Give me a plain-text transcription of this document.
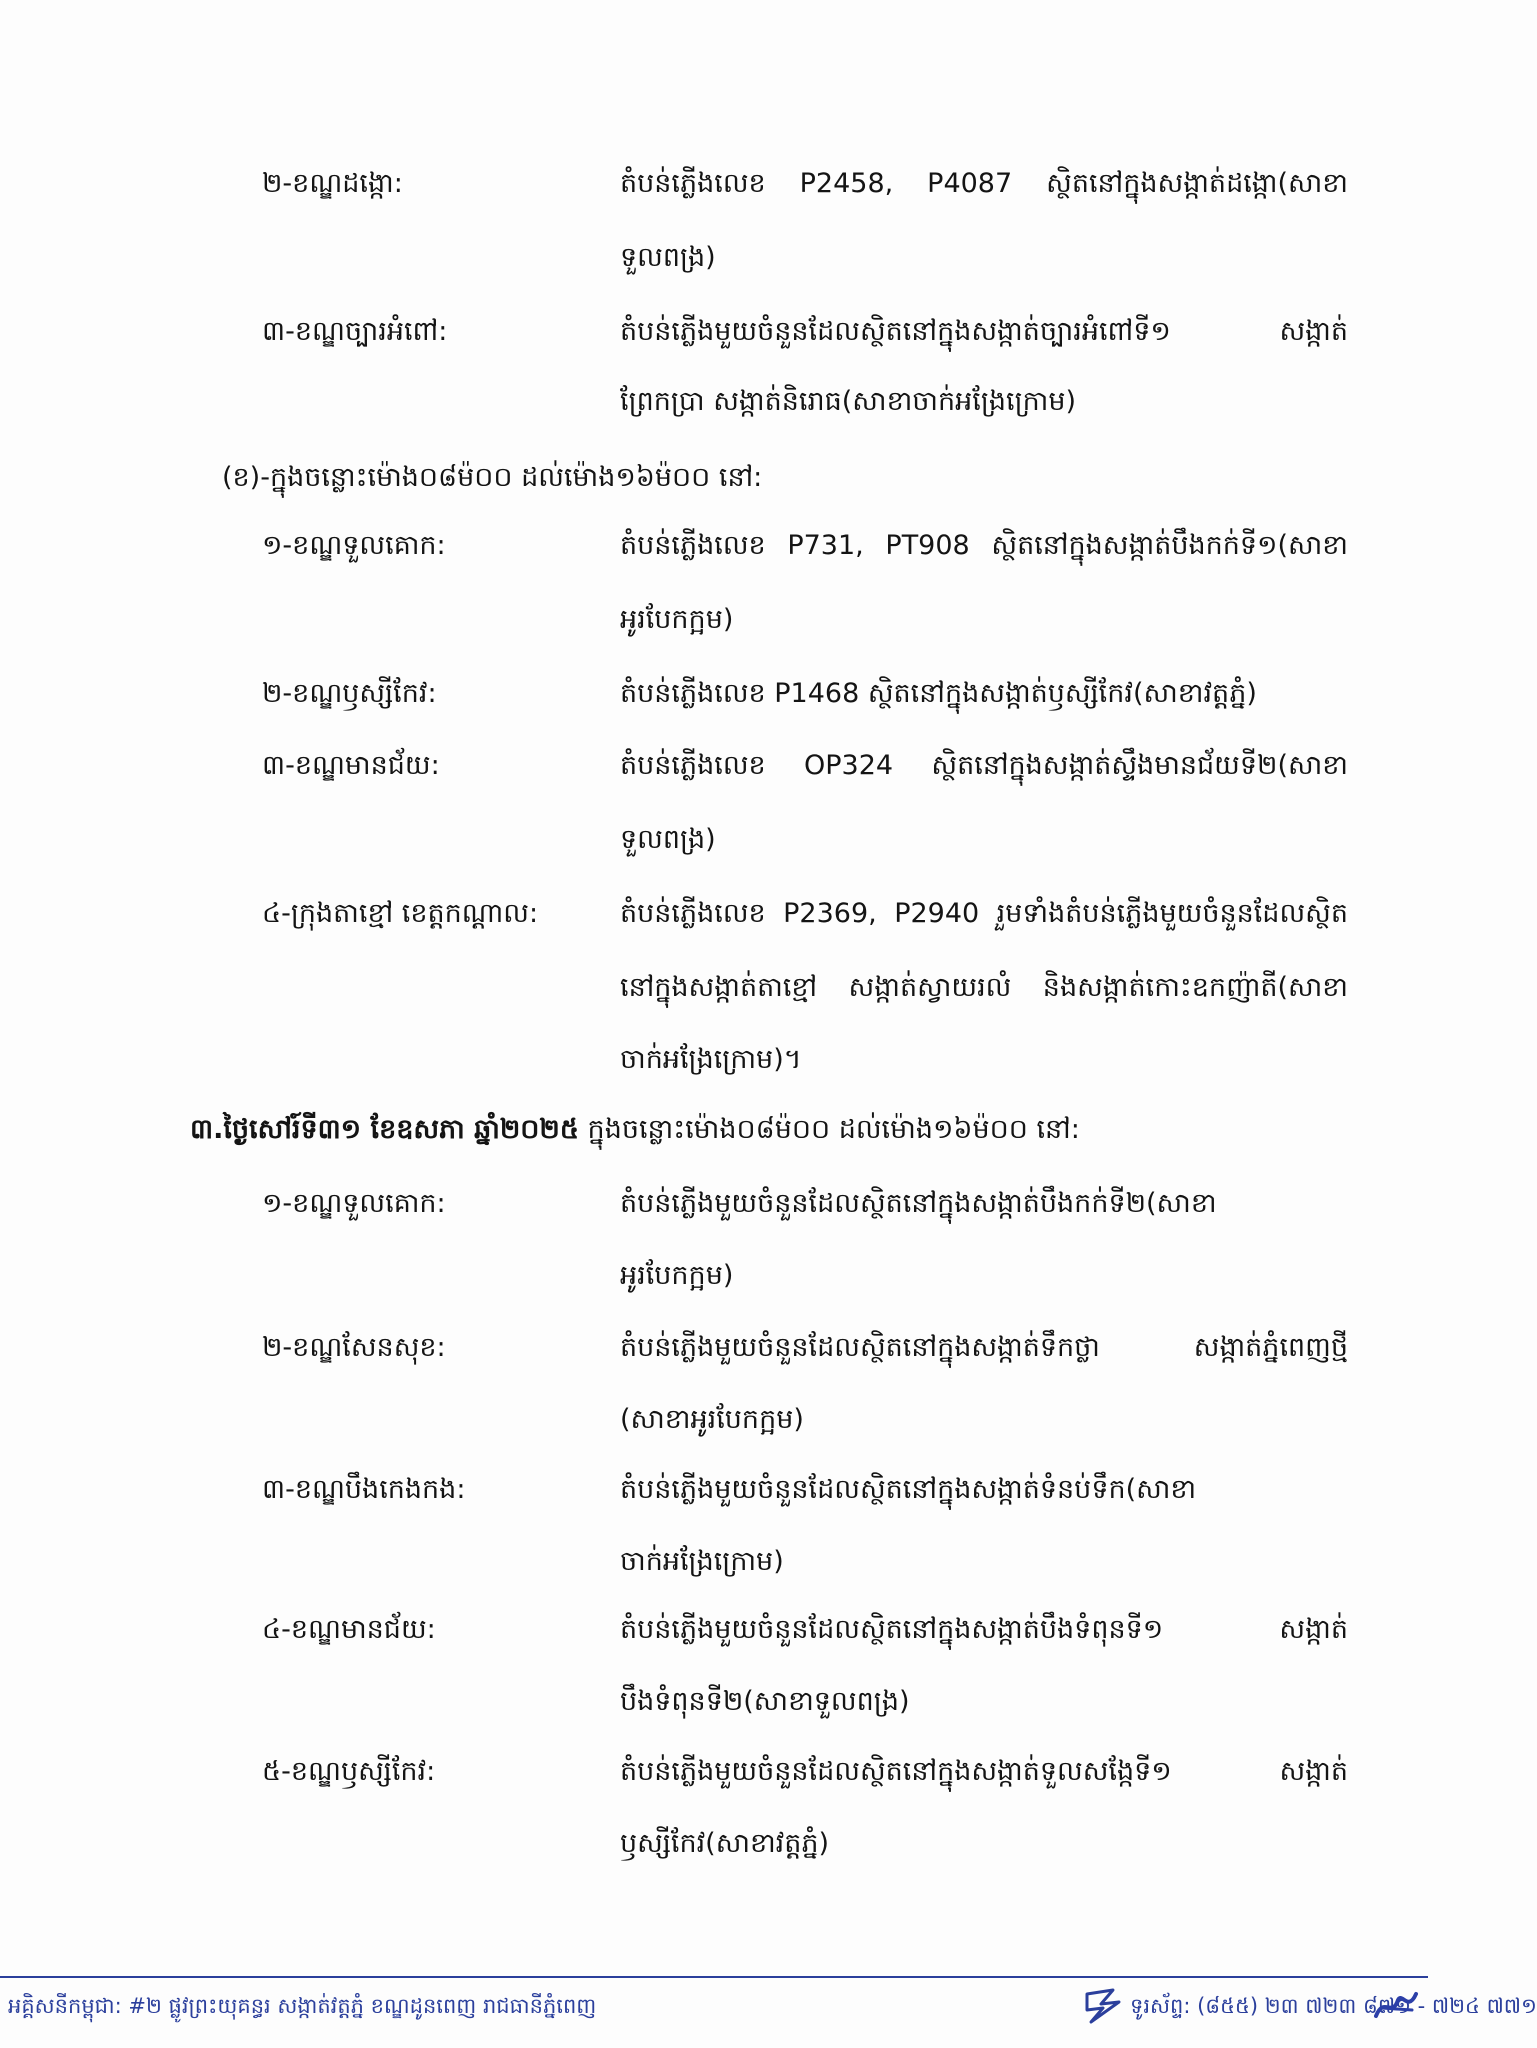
២-ខណ្ឌដង្កោ:	តំបន់ភ្លើងលេខ P2458, P4087 ស្ថិតនៅក្នុងសង្កាត់ដង្កោ(សាខា
ទួលពង្រ)
៣-ខណ្ឌច្បារអំពៅ:	តំបន់ភ្លើងមួយចំនួនដែលស្ថិតនៅក្នុងសង្កាត់ច្បារអំពៅទី១ សង្កាត់
ព្រែកប្រា សង្កាត់និរោធ(សាខាចាក់អង្រែក្រោម)
(ខ)-ក្នុងចន្លោះម៉ោង០៨ម៉០០ ដល់ម៉ោង១៦ម៉០០ នៅ:
១-ខណ្ឌទួលគោក:	តំបន់ភ្លើងលេខ P731, PT908 ស្ថិតនៅក្នុងសង្កាត់បឹងកក់ទី១(សាខា
អូរបែកក្អម)
២-ខណ្ឌឫស្សីកែវ:	តំបន់ភ្លើងលេខ P1468 ស្ថិតនៅក្នុងសង្កាត់ឫស្សីកែវ(សាខាវត្តភ្នំ)
៣-ខណ្ឌមានជ័យ:	តំបន់ភ្លើងលេខ OP324 ស្ថិតនៅក្នុងសង្កាត់ស្ទឹងមានជ័យទី២(សាខា
ទួលពង្រ)
៤-ក្រុងតាខ្មៅ ខេត្តកណ្តាល:	តំបន់ភ្លើងលេខ P2369, P2940 រួមទាំងតំបន់ភ្លើងមួយចំនួនដែលស្ថិត
នៅក្នុងសង្កាត់តាខ្មៅ សង្កាត់ស្វាយរលំ និងសង្កាត់កោះឧកញ៉ាតី(សាខា
ចាក់អង្រែក្រោម)។
៣.ថ្ងៃសៅរ៍ទី៣១ ខែឧសភា ឆ្នាំ២០២៥ ក្នុងចន្លោះម៉ោង០៨ម៉០០ ដល់ម៉ោង១៦ម៉០០ នៅ:
១-ខណ្ឌទួលគោក:	តំបន់ភ្លើងមួយចំនួនដែលស្ថិតនៅក្នុងសង្កាត់បឹងកក់ទី២(សាខា
អូរបែកក្អម)
២-ខណ្ឌសែនសុខ:	តំបន់ភ្លើងមួយចំនួនដែលស្ថិតនៅក្នុងសង្កាត់ទឹកថ្លា សង្កាត់ភ្នំពេញថ្មី
(សាខាអូរបែកក្អម)
៣-ខណ្ឌបឹងកេងកង:	តំបន់ភ្លើងមួយចំនួនដែលស្ថិតនៅក្នុងសង្កាត់ទំនប់ទឹក(សាខា
ចាក់អង្រែក្រោម)
៤-ខណ្ឌមានជ័យ:	តំបន់ភ្លើងមួយចំនួនដែលស្ថិតនៅក្នុងសង្កាត់បឹងទំពុនទី១ សង្កាត់
បឹងទំពុនទី២(សាខាទួលពង្រ)
៥-ខណ្ឌឫស្សីកែវ:	តំបន់ភ្លើងមួយចំនួនដែលស្ថិតនៅក្នុងសង្កាត់ទួលសង្កែទី១ សង្កាត់
ឫស្សីកែវ(សាខាវត្តភ្នំ)
អគ្គិសនីកម្ពុជា: #២ ផ្លូវព្រះយុគន្ធរ សង្កាត់វត្តភ្នំ ខណ្ឌដូនពេញ រាជធានីភ្នំពេញ	ទូរស័ព្ទ: (៨៥៥) ២៣ ៧២៣ ៨៧១ - ៧២៤ ៧៧១
